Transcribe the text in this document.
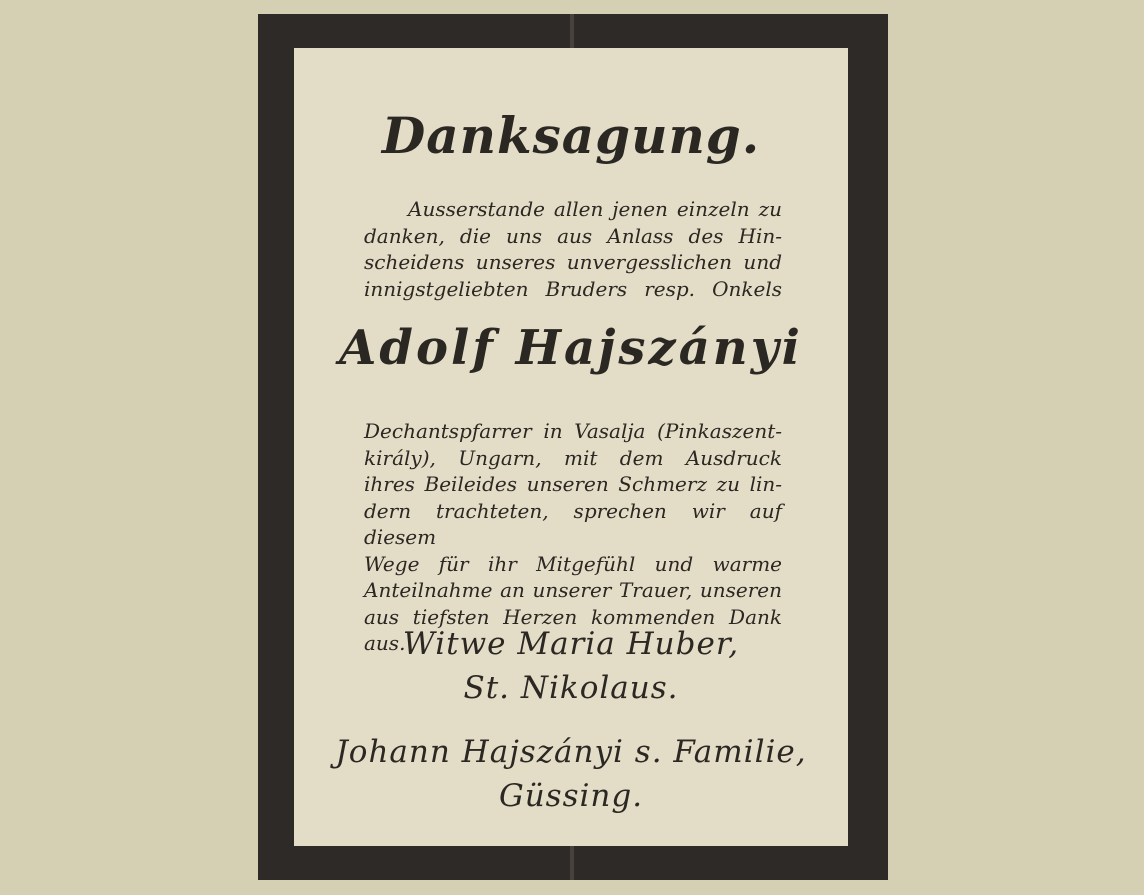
Danksagung.

Ausserstande allen jenen einzeln zu
danken, die uns aus Anlass des Hin-
scheidens unseres unvergesslichen und
innigstgeliebten Bruders resp. Onkels

Adolf Hajszányi

Dechantspfarrer in Vasalja (Pinkaszent-
király), Ungarn, mit dem Ausdruck
ihres Beileides unseren Schmerz zu lin-
dern trachteten, sprechen wir auf diesem
Wege für ihr Mitgefühl und warme
Anteilnahme an unserer Trauer, unseren
aus tiefsten Herzen kommenden Dank aus.

Witwe Maria Huber,

St. Nikolaus.

Johann Hajszányi s. Familie,

Güssing.
